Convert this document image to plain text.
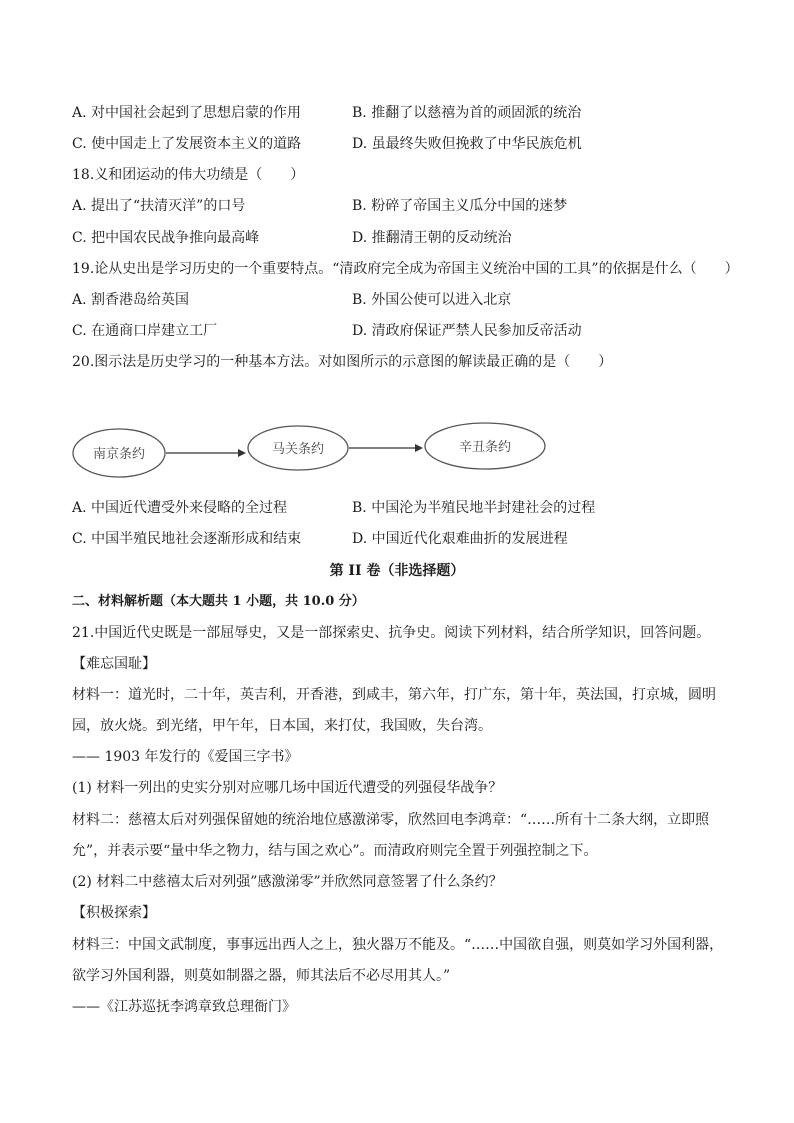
A. 对中国社会起到了思想启蒙的作用	B. 推翻了以慈禧为首的顽固派的统治
C. 使中国走上了发展资本主义的道路	D. 虽最终失败但挽救了中华民族危机
18.义和团运动的伟大功绩是（　　）
A. 提出了“扶清灭洋”的口号	B. 粉碎了帝国主义瓜分中国的迷梦
C. 把中国农民战争推向最高峰	D. 推翻清王朝的反动统治
19.论从史出是学习历史的一个重要特点。“清政府完全成为帝国主义统治中国的工具”的依据是什么（　　）
A. 割香港岛给英国	B. 外国公使可以进入北京
C. 在通商口岸建立工厂	D. 清政府保证严禁人民参加反帝活动
20.图示法是历史学习的一种基本方法。对如图所示的示意图的解读最正确的是（　　）
南京条约	马关条约	辛丑条约
A. 中国近代遭受外来侵略的全过程	B. 中国沦为半殖民地半封建社会的过程
C. 中国半殖民地社会逐渐形成和结束	D. 中国近代化艰难曲折的发展进程
第 II 卷（非选择题）
二、材料解析题（本大题共 1 小题，共 10.0 分）
21.中国近代史既是一部屈辱史，又是一部探索史、抗争史。阅读下列材料，结合所学知识，回答问题。
【难忘国耻】
材料一：道光时，二十年，英吉利，开香港，到咸丰，第六年，打广东，第十年，英法国，打京城，圆明
园，放火烧。到光绪，甲午年，日本国，来打仗，我国败，失台湾。
—— 1903 年发行的《爱国三字书》
(1) 材料一列出的史实分别对应哪几场中国近代遭受的列强侵华战争？
材料二：慈禧太后对列强保留她的统治地位感激涕零，欣然回电李鸿章：“……所有十二条大纲，立即照
允”，并表示要“量中华之物力，结与国之欢心”。而清政府则完全置于列强控制之下。
(2) 材料二中慈禧太后对列强”感激涕零”并欣然同意签署了什么条约？
【积极探索】
材料三：中国文武制度，事事远出西人之上，独火器万不能及。“……中国欲自强，则莫如学习外国利器，
欲学习外国利器，则莫如制器之器，师其法后不必尽用其人。”
——《江苏巡抚李鸿章致总理衙门》
